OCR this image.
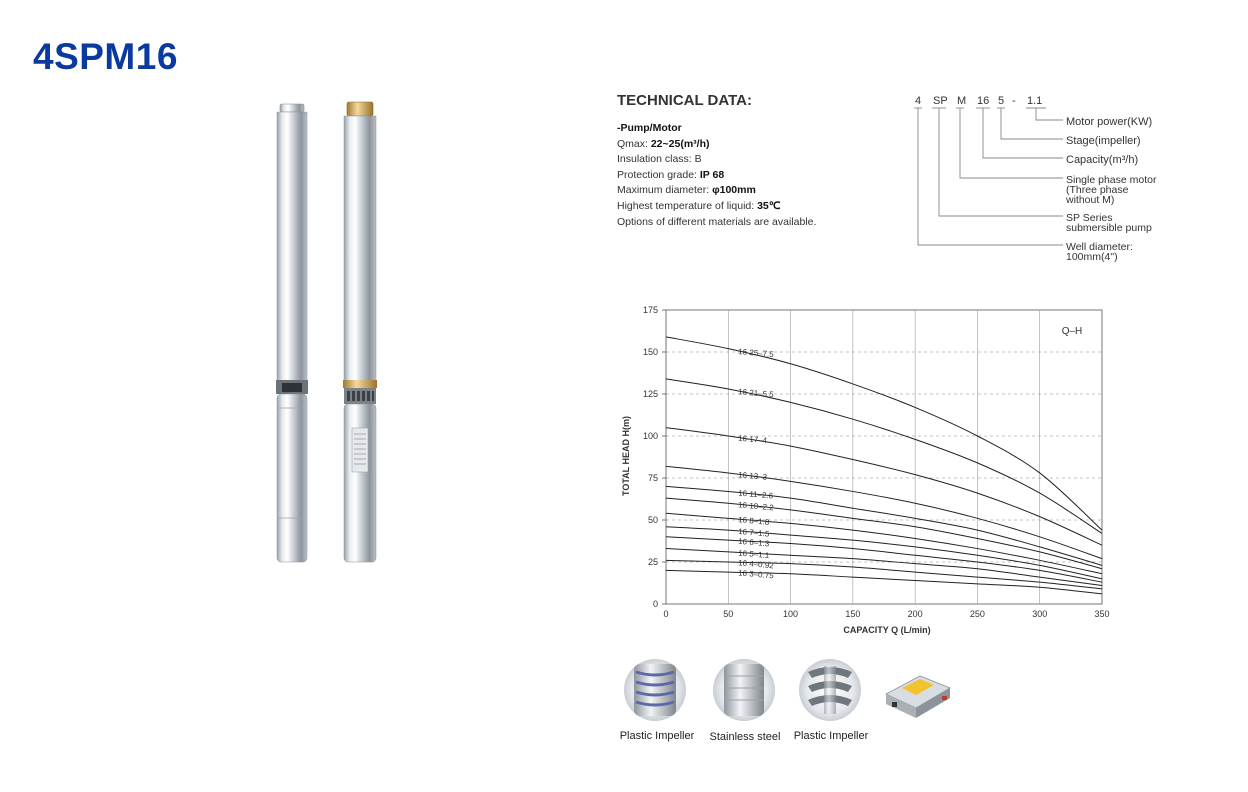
4SPM16
TECHNICAL DATA:
-Pump/Motor
Qmax: 22~25(m³/h)
Insulation class: B
Protection grade: IP 68
Maximum diameter: φ100mm
Highest temperature of liquid: 35℃
Options of different materials are available.
4 SP M 16 5 - 1.1
Motor power(KW)
Stage(impeller)
Capacity(m³/h)
Single phase motor
(Three phase
without M)
SP Series
submersible pump
Well diameter:
100mm(4")
0
25
50
75
100
125
150
175
0	50	100	150	200	250	300	350
16 25–7.5
16 21–5.5
16 17–4
16 13–3
16 11–2.6
16 10–2.2
16 8–1.8
16 7–1.5
16 6–1.3
16 5–1.1
16 4–0.92
16 3–0.75
Q–H
CAPACITY Q (L/min)
TOTAL HEAD H(m)
Plastic Impeller	Stainless steel	Plastic Impeller
